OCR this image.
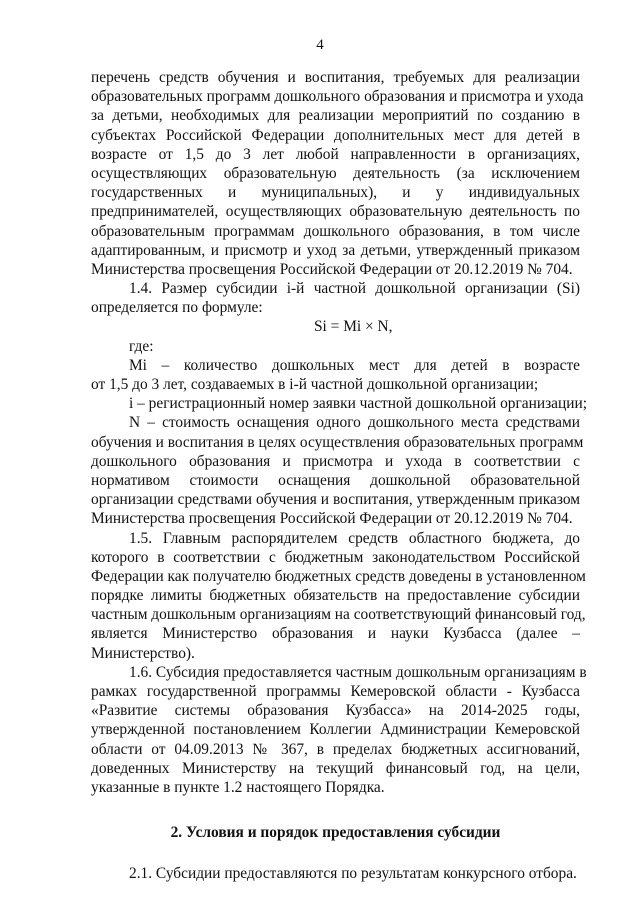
4
перечень средств обучения и воспитания, требуемых для реализации
образовательных программ дошкольного образования и присмотра и ухода
за детьми, необходимых для реализации мероприятий по созданию в
субъектах Российской Федерации дополнительных мест для детей в
возрасте от 1,5 до 3 лет любой направленности в организациях,
осуществляющих образовательную деятельность (за исключением
государственных и муниципальных), и у индивидуальных
предпринимателей, осуществляющих образовательную деятельность по
образовательным программам дошкольного образования, в том числе
адаптированным, и присмотр и уход за детьми, утвержденный приказом
Министерства просвещения Российской Федерации от 20.12.2019 № 704.
1.4. Размер субсидии i-й частной дошкольной организации (Si)
определяется по формуле:
Si = Mi × N,
где:
Mi – количество дошкольных мест для детей в возрасте
от 1,5 до 3 лет, создаваемых в i-й частной дошкольной организации;
i – регистрационный номер заявки частной дошкольной организации;
N – стоимость оснащения одного дошкольного места средствами
обучения и воспитания в целях осуществления образовательных программ
дошкольного образования и присмотра и ухода в соответствии с
нормативом стоимости оснащения дошкольной образовательной
организации средствами обучения и воспитания, утвержденным приказом
Министерства просвещения Российской Федерации от 20.12.2019 № 704.
1.5. Главным распорядителем средств областного бюджета, до
которого в соответствии с бюджетным законодательством Российской
Федерации как получателю бюджетных средств доведены в установленном
порядке лимиты бюджетных обязательств на предоставление субсидии
частным дошкольным организациям на соответствующий финансовый год,
является Министерство образования и науки Кузбасса (далее –
Министерство).
1.6. Субсидия предоставляется частным дошкольным организациям в
рамках государственной программы Кемеровской области - Кузбасса
«Развитие системы образования Кузбасса» на 2014-2025 годы,
утвержденной постановлением Коллегии Администрации Кемеровской
области от 04.09.2013 № 367, в пределах бюджетных ассигнований,
доведенных Министерству на текущий финансовый год, на цели,
указанные в пункте 1.2 настоящего Порядка.
2. Условия и порядок предоставления субсидии
2.1. Субсидии предоставляются по результатам конкурсного отбора.
